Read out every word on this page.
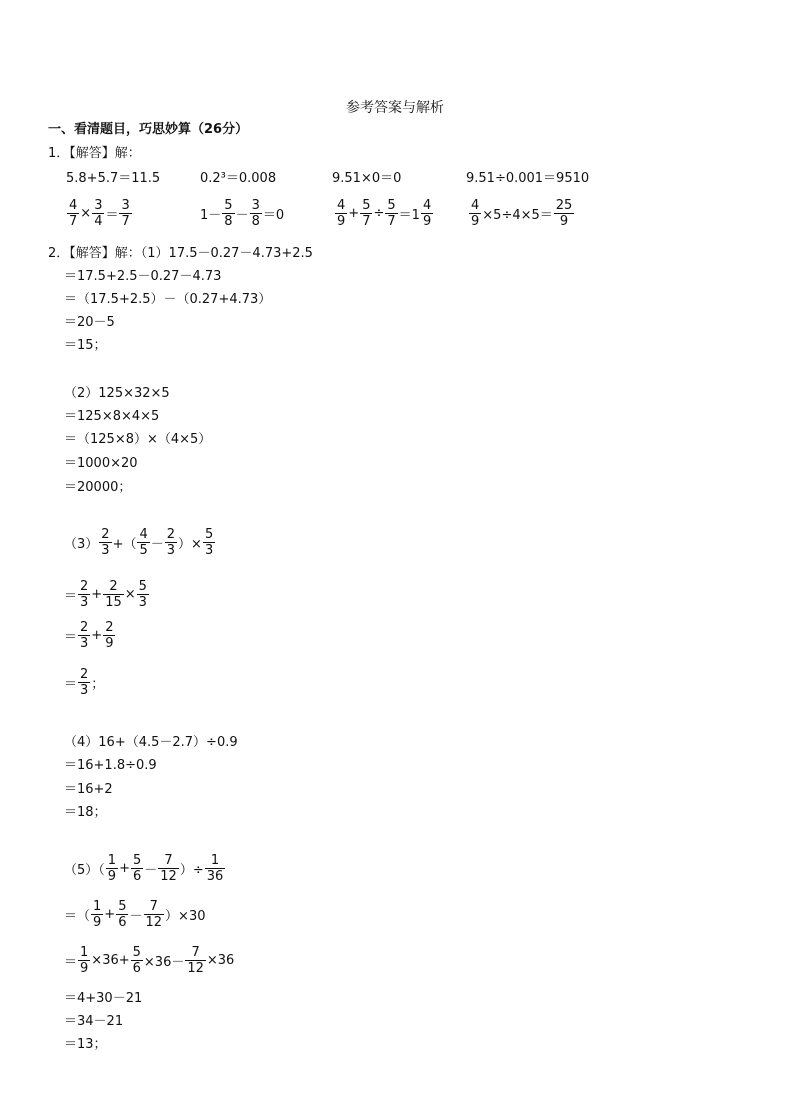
参考答案与解析
一、看清题目，巧思妙算（26分）
1．【解答】解：
5.8+5.7＝11.5	0.2³＝0.008	9.51×0＝0	9.51÷0.001＝9510
$\frac{4}{7} \times \frac{3}{4} = \frac{3}{7}$	$1- \frac{5}{8} - \frac{3}{8} =0$	$\frac{4}{9} + \frac{5}{7} \div \frac{5}{7} =1 \frac{4}{9}$	$\frac{4}{9} \times 5\div 4\times 5= \frac{25}{9}$
2．【解答】解：（1）17.5－0.27－4.73+2.5
＝17.5+2.5－0.27－4.73
＝（17.5+2.5）－（0.27+4.73）
＝20－5
＝15；
（2）125×32×5
＝125×8×4×5
＝（125×8）×（4×5）
＝1000×20
＝20000；
$(3) \frac{2}{3}$ +（ $\frac{4}{5} - \frac{2}{3}$ ）× $\frac{5}{3}$
＝ $\frac{2}{3} + \frac{2}{15} \times \frac{5}{3}$
＝ $\frac{2}{3} + \frac{2}{9}$
＝ $\frac{2}{3}$ ；
（4）16+（4.5－2.7）÷0.9
＝16+1.8÷0.9
＝16+2
＝18；
$(5)( \frac{1}{9} + \frac{5}{6} - \frac{7}{12}$ ）÷ $\frac{1}{36}$
＝（ $\frac{1}{9} + \frac{5}{6} - \frac{7}{12} )\times 30$
＝ $\frac{1}{9} \times 36+ \frac{5}{6} \times 36- \frac{7}{12} \times 36$
＝4+30－21
＝34－21
＝13；
